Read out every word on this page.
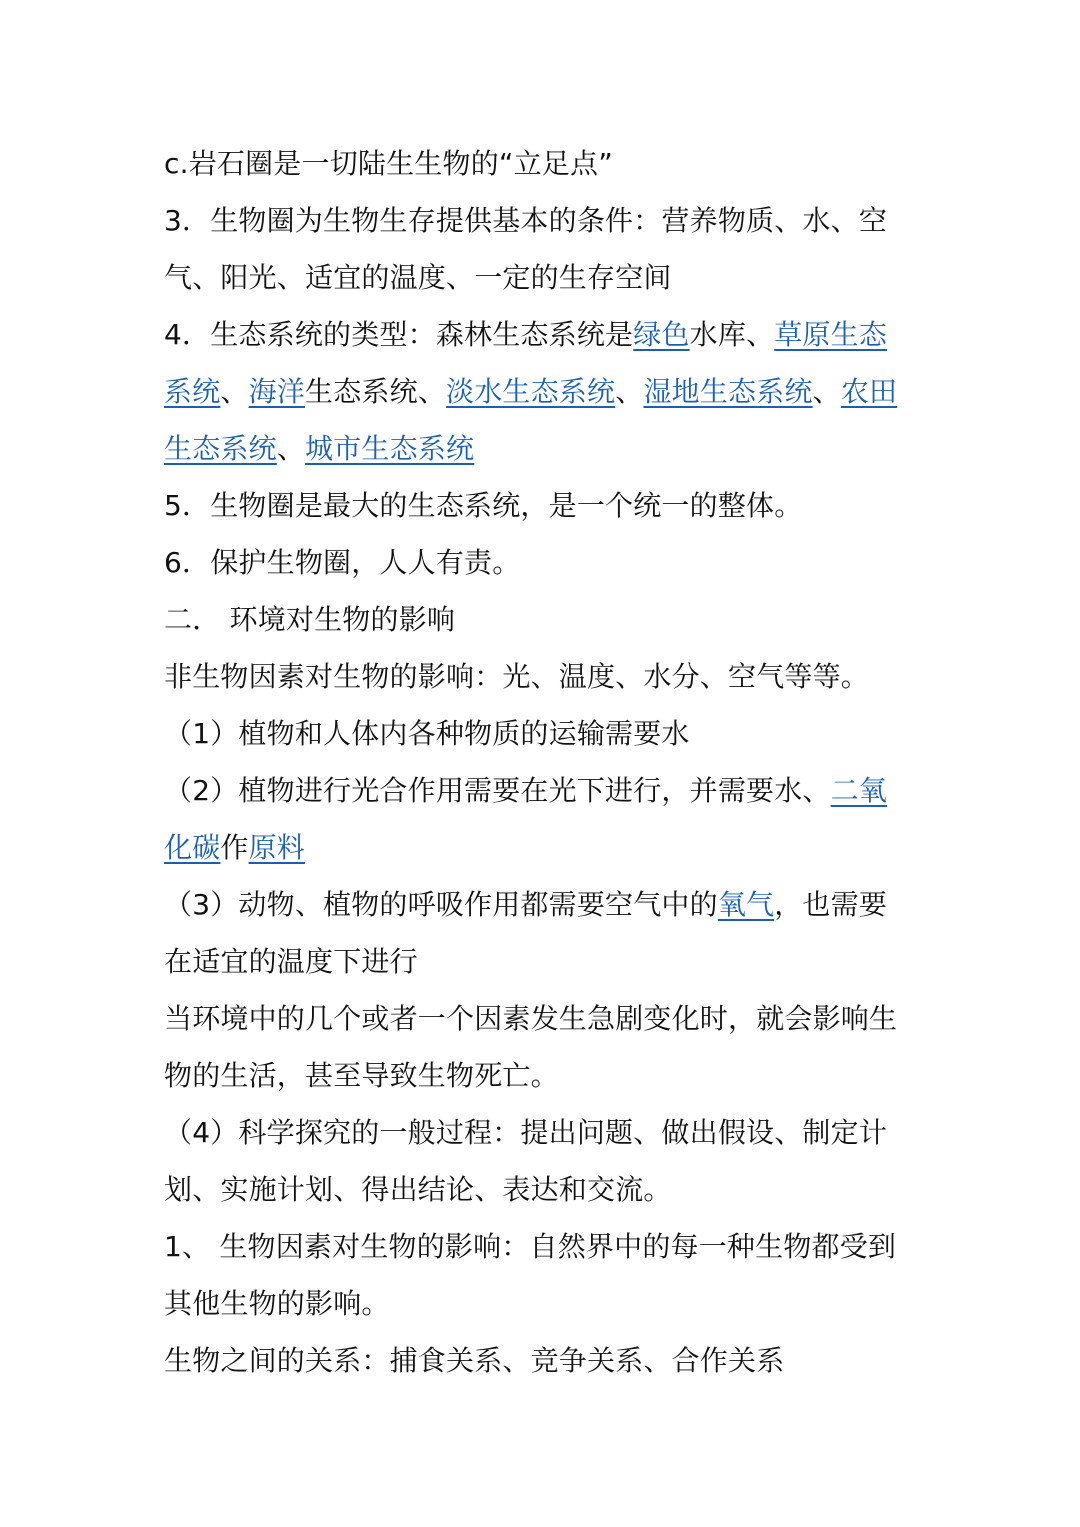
c.岩石圈是一切陆生生物的“立足点”
3．生物圈为生物生存提供基本的条件：营养物质、水、空
气、阳光、适宜的温度、一定的生存空间
4．生态系统的类型：森林生态系统是绿色水库、草原生态
系统、海洋生态系统、淡水生态系统、湿地生态系统、农田
生态系统、城市生态系统
5．生物圈是最大的生态系统，是一个统一的整体。
6．保护生物圈，人人有责。
二． 环境对生物的影响
非生物因素对生物的影响：光、温度、水分、空气等等。
（1）植物和人体内各种物质的运输需要水
（2）植物进行光合作用需要在光下进行，并需要水、二氧
化碳作原料
（3）动物、植物的呼吸作用都需要空气中的氧气，也需要
在适宜的温度下进行
当环境中的几个或者一个因素发生急剧变化时，就会影响生
物的生活，甚至导致生物死亡。
（4）科学探究的一般过程：提出问题、做出假设、制定计
划、实施计划、得出结论、表达和交流。
1、 生物因素对生物的影响：自然界中的每一种生物都受到
其他生物的影响。
生物之间的关系：捕食关系、竞争关系、合作关系
